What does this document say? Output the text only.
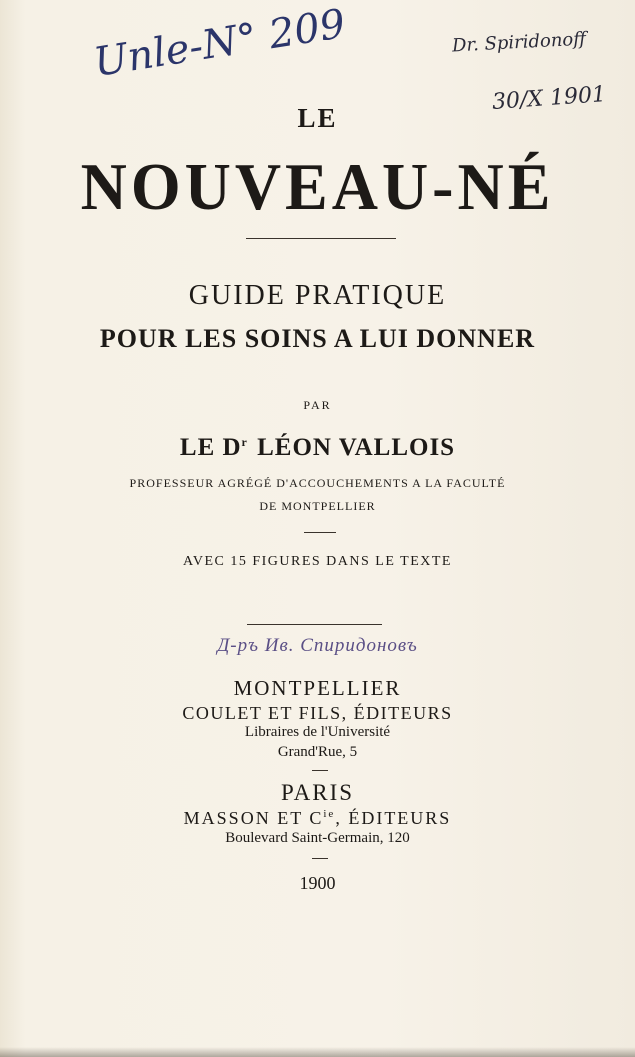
Unle-N° 209	Dr. Spiridonoff
30/X 1901
LE
NOUVEAU-NÉ
GUIDE PRATIQUE
POUR LES SOINS A LUI DONNER
PAR
LE $D^r$ LÉON VALLOIS
PROFESSEUR AGRÉGÉ D'ACCOUCHEMENTS A LA FACULTÉ
DE MONTPELLIER
AVEC 15 FIGURES DANS LE TEXTE
Д-ръ Ив. Спиридоновъ
MONTPELLIER
COULET ET FILS, ÉDITEURS
Libraires de l'Université
Grand'Rue, 5
PARIS
MASSON ET $C^{ie}$, ÉDITEURS
Boulevard Saint-Germain, 120
1900
